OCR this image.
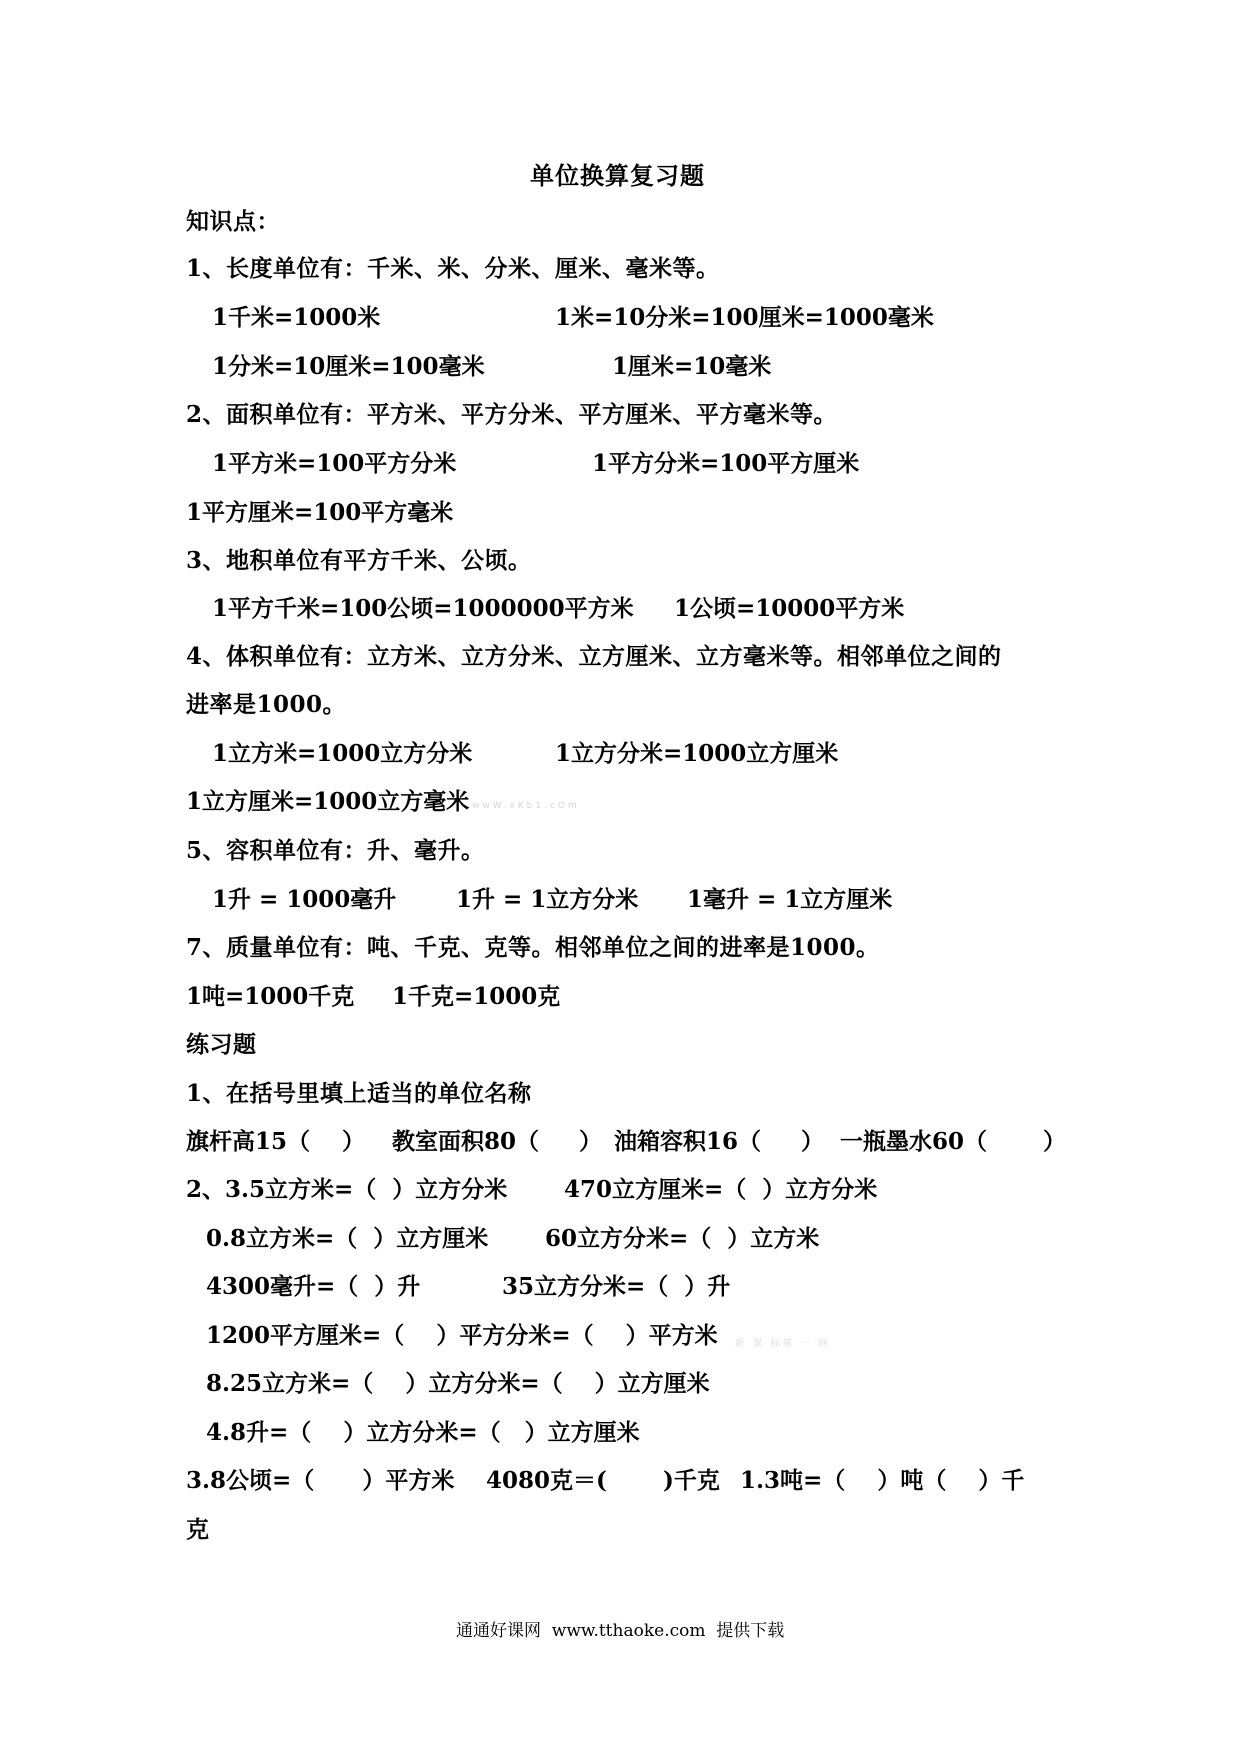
单位换算复习题
知识点：
1、长度单位有：千米、米、分米、厘米、毫米等。
1千米=1000米	1米=10分米=100厘米=1000毫米
1分米=10厘米=100毫米	1厘米=10毫米
2、面积单位有：平方米、平方分米、平方厘米、平方毫米等。
1平方米=100平方分米	1平方分米=100平方厘米
1平方厘米=100平方毫米
3、地积单位有平方千米、公顷。
1平方千米=100公顷=1000000平方米 1公顷=10000平方米
4、体积单位有：立方米、立方分米、立方厘米、立方毫米等。相邻单位之间的
进率是1000。
1立方米=1000立方分米	1立方分米=1000立方厘米
1立方厘米=1000立方毫米 wwW.xKb1.cOm
5、容积单位有：升、毫升。
1升 = 1000毫升	1升 = 1立方分米 1毫升 = 1立方厘米
7、质量单位有：吨、千克、克等。相邻单位之间的进率是1000。
1吨=1000千克 1千克=1000克
练习题
1、在括号里填上适当的单位名称
旗杆高15（    ） 教室面积80（     ） 油箱容积16（     ） 一瓶墨水60（       ）
2、3.5立方米=（  ）立方分米 470立方厘米=（  ）立方分米
0.8立方米=（  ）立方厘米 60立方分米=（  ）立方米
4300毫升=（  ）升	35立方分米=（  ）升
1200平方厘米=（    ）平方分米=（    ）平方米 新 课 标第 一 网
8.25立方米=（    ）立方分米=（    ）立方厘米
4.8升=（    ）立方分米=（   ）立方厘米
3.8公顷=（      ）平方米 4080克＝(       )千克 1.3吨=（    ）吨（    ）千
克
通通好课网  www.tthaoke.com  提供下载
